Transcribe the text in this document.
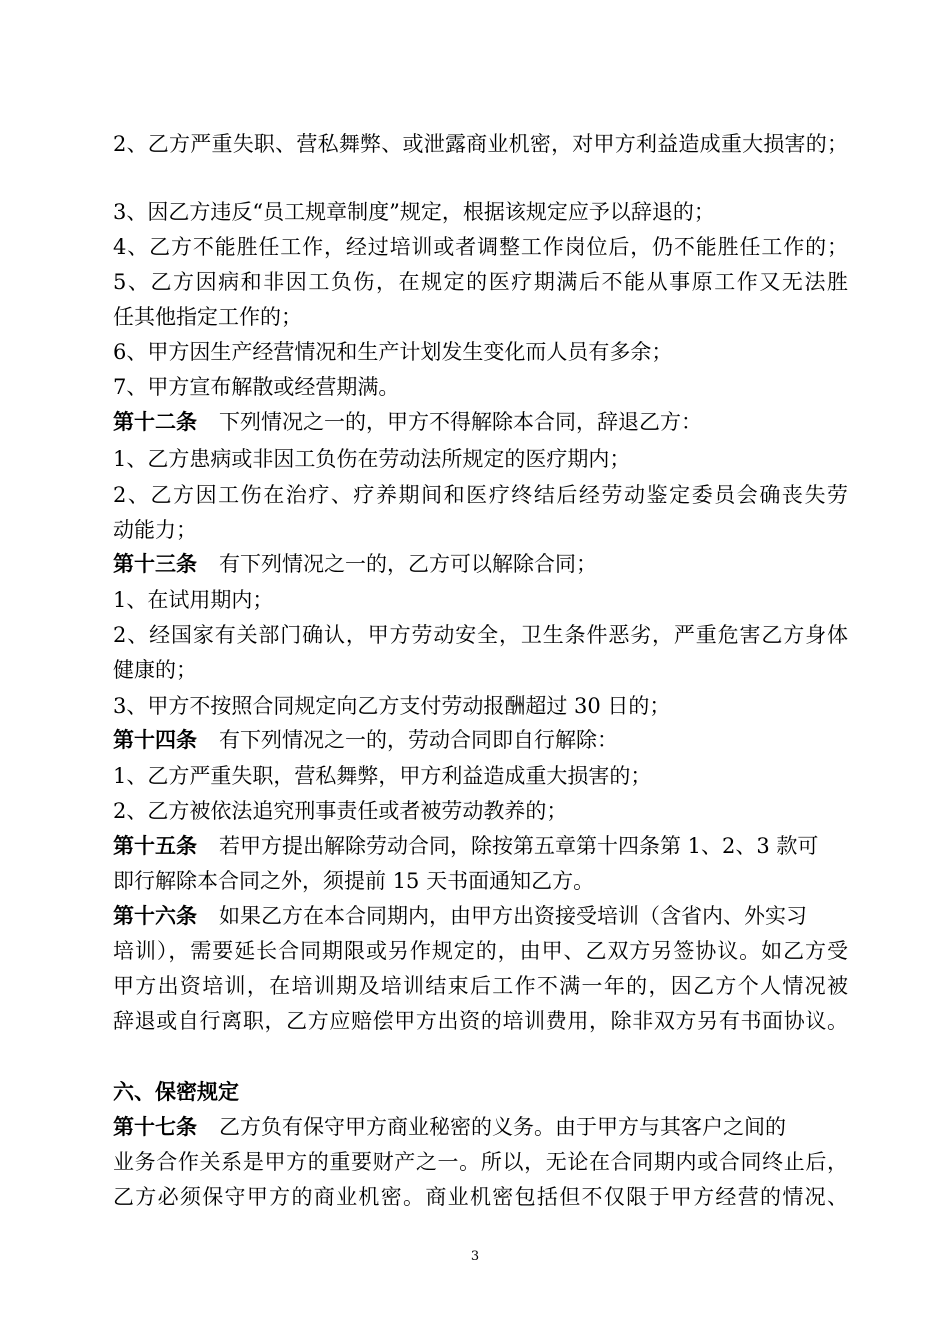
2、乙方严重失职、营私舞弊、或泄露商业机密，对甲方利益造成重大损害的；
3、因乙方违反“员工规章制度”规定，根据该规定应予以辞退的；
4、乙方不能胜任工作，经过培训或者调整工作岗位后，仍不能胜任工作的；
5、乙方因病和非因工负伤，在规定的医疗期满后不能从事原工作又无法胜
任其他指定工作的；
6、甲方因生产经营情况和生产计划发生变化而人员有多余；
7、甲方宣布解散或经营期满。
第十二条 下列情况之一的，甲方不得解除本合同，辞退乙方：
1、乙方患病或非因工负伤在劳动法所规定的医疗期内；
2、乙方因工伤在治疗、疗养期间和医疗终结后经劳动鉴定委员会确丧失劳
动能力；
第十三条 有下列情况之一的，乙方可以解除合同；
1、在试用期内；
2、经国家有关部门确认，甲方劳动安全，卫生条件恶劣，严重危害乙方身体
健康的；
3、甲方不按照合同规定向乙方支付劳动报酬超过 30 日的；
第十四条 有下列情况之一的，劳动合同即自行解除：
1、乙方严重失职，营私舞弊，甲方利益造成重大损害的；
2、乙方被依法追究刑事责任或者被劳动教养的；
第十五条 若甲方提出解除劳动合同，除按第五章第十四条第 1、2、3 款可
即行解除本合同之外，须提前 15 天书面通知乙方。
第十六条 如果乙方在本合同期内，由甲方出资接受培训（含省内、外实习
培训），需要延长合同期限或另作规定的，由甲、乙双方另签协议。如乙方受
甲方出资培训，在培训期及培训结束后工作不满一年的，因乙方个人情况被
辞退或自行离职，乙方应赔偿甲方出资的培训费用，除非双方另有书面协议。
六、保密规定
第十七条 乙方负有保守甲方商业秘密的义务。由于甲方与其客户之间的
业务合作关系是甲方的重要财产之一。所以，无论在合同期内或合同终止后，
乙方必须保守甲方的商业机密。商业机密包括但不仅限于甲方经营的情况、
3
